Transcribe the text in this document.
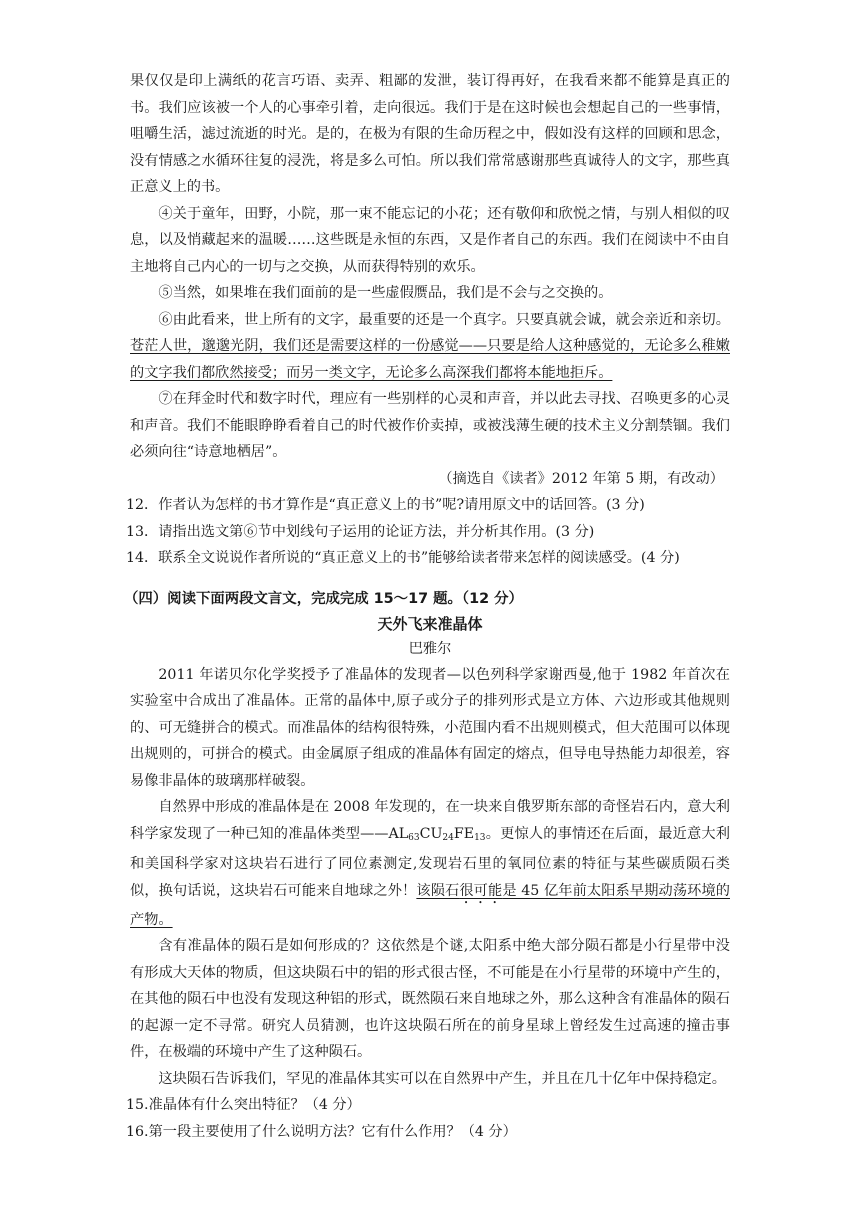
果仅仅是印上满纸的花言巧语、卖弄、粗鄙的发泄，装订得再好，在我看来都不能算是真正的书。我们应该被一个人的心事牵引着，走向很远。我们于是在这时候也会想起自己的一些事情，咀嚼生活，滤过流逝的时光。是的，在极为有限的生命历程之中，假如没有这样的回顾和思念，没有情感之水循环往复的浸洗，将是多么可怕。所以我们常常感谢那些真诚待人的文字，那些真正意义上的书。

④关于童年，田野，小院，那一束不能忘记的小花；还有敬仰和欣悦之情，与别人相似的叹息，以及悄藏起来的温暖……这些既是永恒的东西，又是作者自己的东西。我们在阅读中不由自主地将自己内心的一切与之交换，从而获得特别的欢乐。

⑤当然，如果堆在我们面前的是一些虚假赝品，我们是不会与之交换的。

⑥由此看来，世上所有的文字，最重要的还是一个真字。只要真就会诚，就会亲近和亲切。苍茫人世，邈邈光阴，我们还是需要这样的一份感觉——只要是给人这种感觉的，无论多么稚嫩的文字我们都欣然接受；而另一类文字，无论多么高深我们都将本能地拒斥。

⑦在拜金时代和数字时代，理应有一些别样的心灵和声音，并以此去寻找、召唤更多的心灵和声音。我们不能眼睁睁看着自己的时代被作价卖掉，或被浅薄生硬的技术主义分割禁锢。我们必须向往“诗意地栖居”。

（摘选自《读者》2012 年第 5 期，有改动）

12．作者认为怎样的书才算作是“真正意义上的书”呢?请用原文中的话回答。(3 分)

13．请指出选文第⑥节中划线句子运用的论证方法，并分析其作用。(3 分)

14．联系全文说说作者所说的“真正意义上的书”能够给读者带来怎样的阅读感受。(4 分)

（四）阅读下面两段文言文，完成完成 15～17 题。（12 分）

天外飞来准晶体

巴雅尔

2011 年诺贝尔化学奖授予了准晶体的发现者—以色列科学家谢西曼,他于 1982 年首次在实验室中合成出了准晶体。正常的晶体中,原子或分子的排列形式是立方体、六边形或其他规则的、可无缝拼合的模式。而准晶体的结构很特殊，小范围内看不出规则模式，但大范围可以体现出规则的，可拼合的模式。由金属原子组成的准晶体有固定的熔点，但导电导热能力却很差，容易像非晶体的玻璃那样破裂。

自然界中形成的准晶体是在 2008 年发现的，在一块来自俄罗斯东部的奇怪岩石内，意大利科学家发现了一种已知的准晶体类型$——AL_{63}CU_{24}FE_{13}$。更惊人的事情还在后面，最近意大利和美国科学家对这块岩石进行了同位素测定,发现岩石里的氧同位素的特征与某些碳质陨石类似，换句话说，这块岩石可能来自地球之外！该陨石很可能是 45 亿年前太阳系早期动荡环境的产物。

含有准晶体的陨石是如何形成的？这依然是个谜,太阳系中绝大部分陨石都是小行星带中没有形成大天体的物质，但这块陨石中的铝的形式很古怪，不可能是在小行星带的环境中产生的，在其他的陨石中也没有发现这种铝的形式，既然陨石来自地球之外，那么这种含有准晶体的陨石的起源一定不寻常。研究人员猜测，也许这块陨石所在的前身星球上曾经发生过高速的撞击事件，在极端的环境中产生了这种陨石。

这块陨石告诉我们，罕见的准晶体其实可以在自然界中产生，并且在几十亿年中保持稳定。

15.准晶体有什么突出特征？（4 分）

16.第一段主要使用了什么说明方法？它有什么作用？（4 分）
